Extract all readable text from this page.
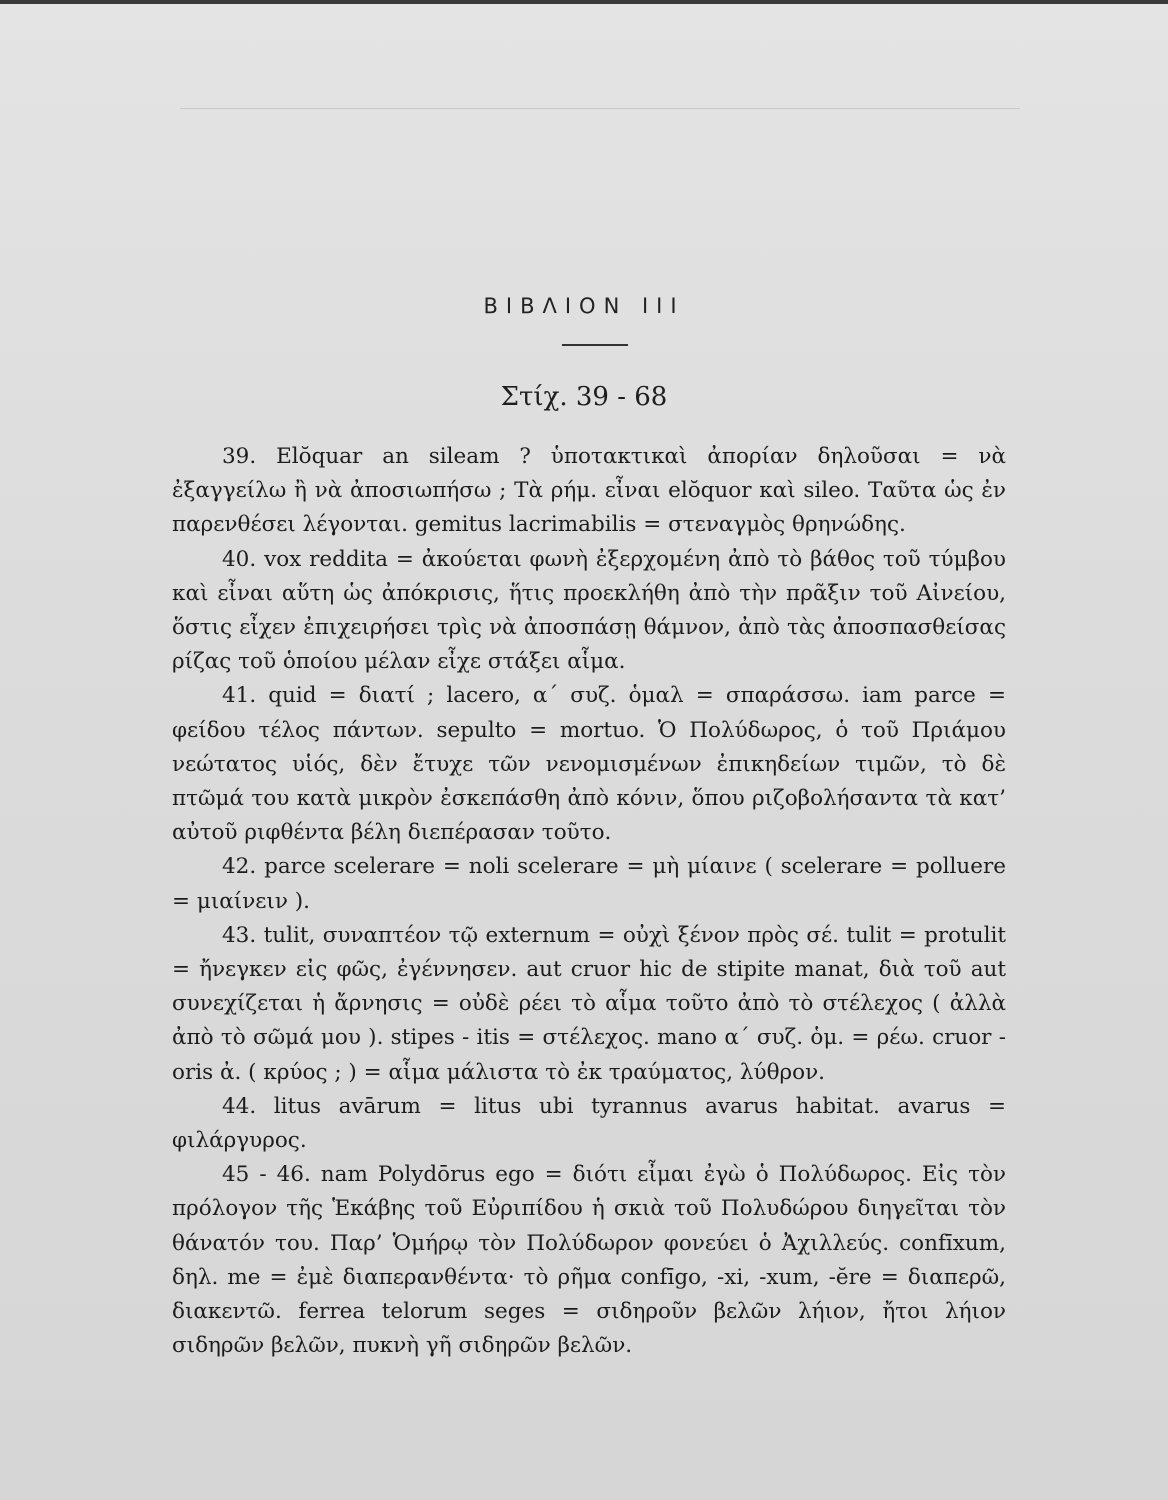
ΒΙΒΛΙΟΝ III
Στίχ. 39 - 68

39. Elŏquar an sileam ? ὑποτακτικαὶ ἀπορίαν δηλοῦσαι = νὰ ἐξαγγείλω ἢ νὰ ἀποσιωπήσω ; Τὰ ρήμ. εἶναι elŏquor καὶ sileo. Ταῦτα ὡς ἐν παρενθέσει λέγονται. gemitus lacrimabilis = στεναγμὸς θρηνώδης.

40. vox reddita = ἀκούεται φωνὴ ἐξερχομένη ἀπὸ τὸ βάθος τοῦ τύμβου καὶ εἶναι αὕτη ὡς ἀπόκρισις, ἥτις προεκλήθη ἀπὸ τὴν πρᾶξιν τοῦ Αἰνείου, ὅστις εἶχεν ἐπιχειρήσει τρὶς νὰ ἀποσπάσῃ θάμνον, ἀπὸ τὰς ἀποσπασθείσας ρίζας τοῦ ὁποίου μέλαν εἶχε στάξει αἷμα.

41. quid = διατί ; lacero, α΄ συζ. ὁμαλ = σπαράσσω. iam parce = φείδου τέλος πάντων. sepulto = mortuo. Ὁ Πολύδωρος, ὁ τοῦ Πριάμου νεώτατος υἱός, δὲν ἔτυχε τῶν νενομισμένων ἐπικηδείων τιμῶν, τὸ δὲ πτῶμά του κατὰ μικρὸν ἐσκεπάσθη ἀπὸ κόνιν, ὅπου ριζοβολήσαντα τὰ κατ’ αὐτοῦ ριφθέντα βέλη διεπέρασαν τοῦτο.

42. parce scelerare = noli scelerare = μὴ μίαινε ( scelerare = polluere = μιαίνειν ).

43. tulit, συναπτέον τῷ externum = οὐχὶ ξένον πρὸς σέ. tulit = protulit = ἤνεγκεν εἰς φῶς, ἐγέννησεν. aut cruor hic de stipite manat, διὰ τοῦ aut συνεχίζεται ἡ ἄρνησις = οὐδὲ ρέει τὸ αἷμα τοῦτο ἀπὸ τὸ στέλεχος ( ἀλλὰ ἀπὸ τὸ σῶμά μου ). stipes - itis = στέλεχος. mano α΄ συζ. ὁμ. = ρέω. cruor - oris ἀ. ( κρύος ; ) = αἷμα μάλιστα τὸ ἐκ τραύματος, λύθρον.

44. litus avārum = litus ubi tyrannus avarus habitat. avarus = φιλάργυρος.

45 - 46. nam Polydōrus ego = διότι εἶμαι ἐγὼ ὁ Πολύδωρος. Εἰς τὸν πρόλογον τῆς Ἑκάβης τοῦ Εὐριπίδου ἡ σκιὰ τοῦ Πολυδώρου διηγεῖται τὸν θάνατόν του. Παρ’ Ὁμήρῳ τὸν Πολύδωρον φονεύει ὁ Ἀχιλλεύς. confīxum, δηλ. me = ἐμὲ διαπερανθέντα· τὸ ρῆμα confīgo, -xi, -xum, -ĕre = διαπερῶ, διακεντῶ. ferrea telorum seges = σιδηροῦν βελῶν λήιον, ἤτοι λήιον σιδηρῶν βελῶν, πυκνὴ γῆ σιδηρῶν βελῶν.
